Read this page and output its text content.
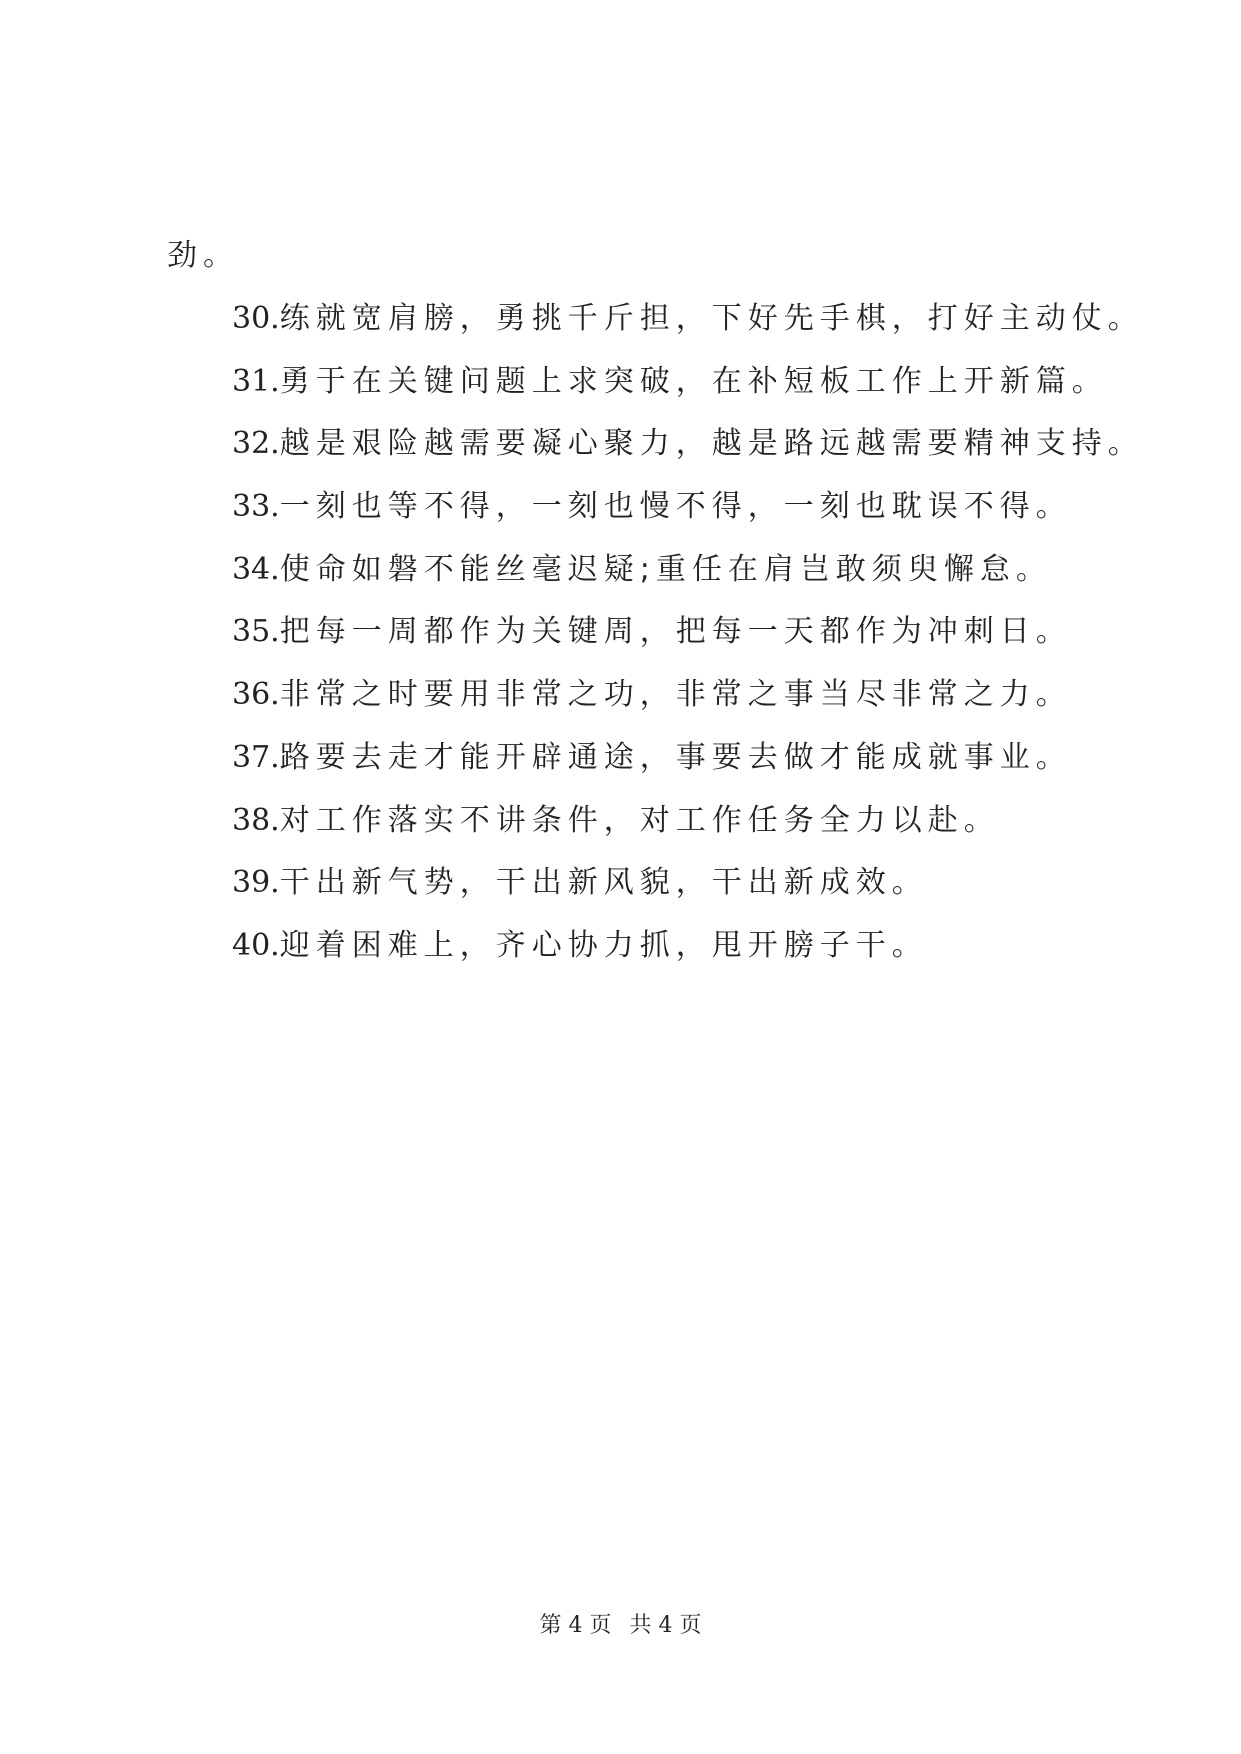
劲。
30.练就宽肩膀，勇挑千斤担，下好先手棋，打好主动仗。
31.勇于在关键问题上求突破，在补短板工作上开新篇。
32.越是艰险越需要凝心聚力，越是路远越需要精神支持。
33.一刻也等不得，一刻也慢不得，一刻也耽误不得。
34.使命如磐不能丝毫迟疑;重任在肩岂敢须臾懈怠。
35.把每一周都作为关键周，把每一天都作为冲刺日。
36.非常之时要用非常之功，非常之事当尽非常之力。
37.路要去走才能开辟通途，事要去做才能成就事业。
38.对工作落实不讲条件，对工作任务全力以赴。
39.干出新气势，干出新风貌，干出新成效。
40.迎着困难上，齐心协力抓，甩开膀子干。
第 4 页 共 4 页
